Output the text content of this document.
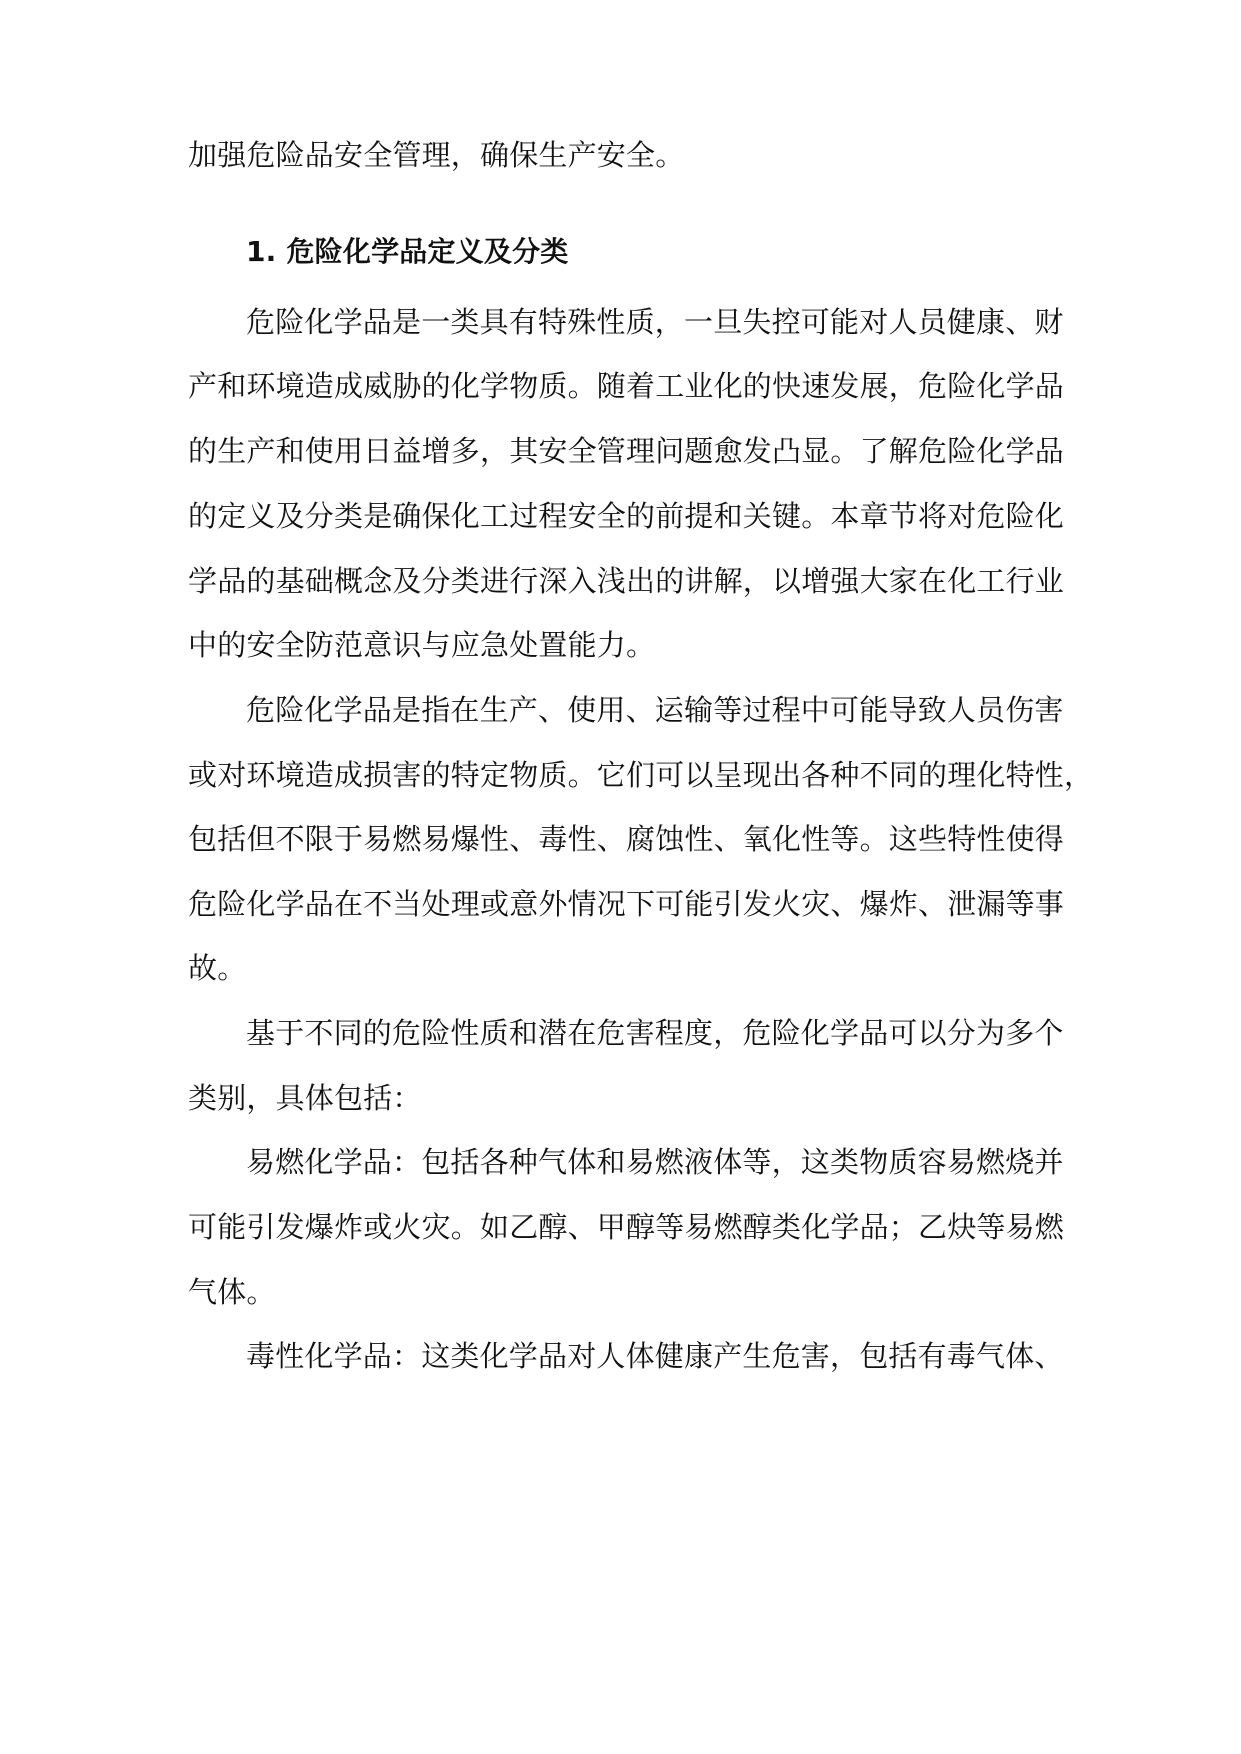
加强危险品安全管理，确保生产安全。
1. 危险化学品定义及分类
危险化学品是一类具有特殊性质，一旦失控可能对人员健康、财
产和环境造成威胁的化学物质。随着工业化的快速发展，危险化学品
的生产和使用日益增多，其安全管理问题愈发凸显。了解危险化学品
的定义及分类是确保化工过程安全的前提和关键。本章节将对危险化
学品的基础概念及分类进行深入浅出的讲解，以增强大家在化工行业
中的安全防范意识与应急处置能力。
危险化学品是指在生产、使用、运输等过程中可能导致人员伤害
或对环境造成损害的特定物质。它们可以呈现出各种不同的理化特性，
包括但不限于易燃易爆性、毒性、腐蚀性、氧化性等。这些特性使得
危险化学品在不当处理或意外情况下可能引发火灾、爆炸、泄漏等事
故。
基于不同的危险性质和潜在危害程度，危险化学品可以分为多个
类别，具体包括：
易燃化学品：包括各种气体和易燃液体等，这类物质容易燃烧并
可能引发爆炸或火灾。如乙醇、甲醇等易燃醇类化学品；乙炔等易燃
气体。
毒性化学品：这类化学品对人体健康产生危害，包括有毒气体、
